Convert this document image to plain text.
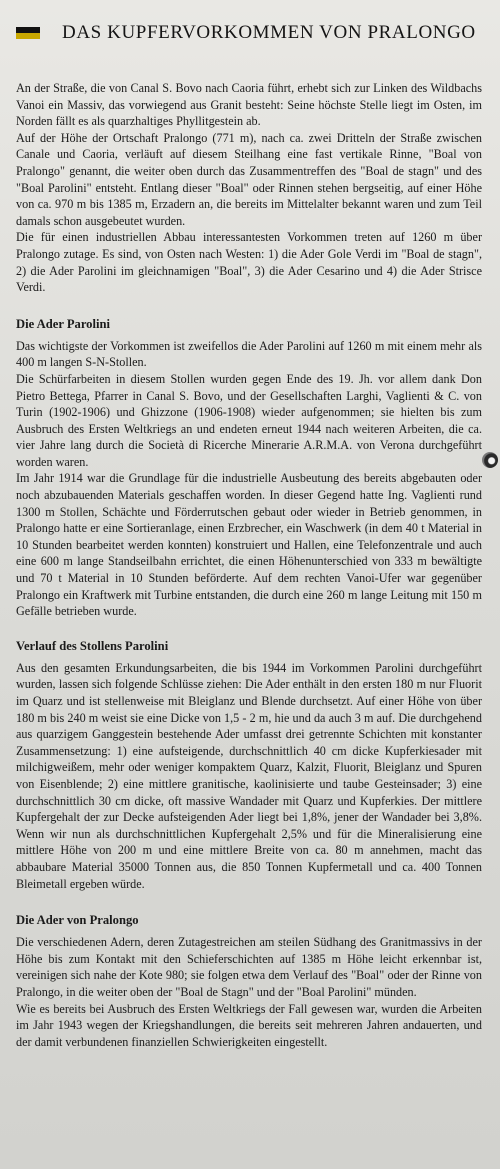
DAS KUPFERVORKOMMEN VON PRALONGO

An der Straße, die von Canal S. Bovo nach Caoria führt, erhebt sich zur Linken des Wildbachs Vanoi ein Massiv, das vorwiegend aus Granit besteht: Seine höchste Stelle liegt im Osten, im Norden fällt es als quarzhaltiges Phyllitgestein ab.

Auf der Höhe der Ortschaft Pralongo (771 m), nach ca. zwei Dritteln der Straße zwischen Canale und Caoria, verläuft auf diesem Steilhang eine fast vertikale Rinne, "Boal von Pralongo" genannt, die weiter oben durch das Zusammentreffen des "Boal de stagn" und des "Boal Parolini" entsteht. Entlang dieser "Boal" oder Rinnen stehen bergseitig, auf einer Höhe von ca. 970 m bis 1385 m, Erzadern an, die bereits im Mittelalter bekannt waren und zum Teil damals schon ausgebeutet wurden.

Die für einen industriellen Abbau interessantesten Vorkommen treten auf 1260 m über Pralongo zutage. Es sind, von Osten nach Westen: 1) die Ader Gole Verdi im "Boal de stagn", 2) die Ader Parolini im gleichnamigen "Boal", 3) die Ader Cesarino und 4) die Ader Strisce Verdi.

Die Ader Parolini

Das wichtigste der Vorkommen ist zweifellos die Ader Parolini auf 1260 m mit einem mehr als 400 m langen S-N-Stollen.

Die Schürfarbeiten in diesem Stollen wurden gegen Ende des 19. Jh. vor allem dank Don Pietro Bettega, Pfarrer in Canal S. Bovo, und der Gesellschaften Larghi, Vaglienti & C. von Turin (1902-1906) und Ghizzone (1906-1908) wieder aufgenommen; sie hielten bis zum Ausbruch des Ersten Weltkriegs an und endeten erneut 1944 nach weiteren Arbeiten, die ca. vier Jahre lang durch die Società di Ricerche Minerarie A.R.M.A. von Verona durchgeführt worden waren.

Im Jahr 1914 war die Grundlage für die industrielle Ausbeutung des bereits abgebauten oder noch abzubauenden Materials geschaffen worden. In dieser Gegend hatte Ing. Vaglienti rund 1300 m Stollen, Schächte und Förderrutschen gebaut oder wieder in Betrieb genommen, in Pralongo hatte er eine Sortieranlage, einen Erzbrecher, ein Waschwerk (in dem 40 t Material in 10 Stunden bearbeitet werden konnten) konstruiert und Hallen, eine Telefonzentrale und auch eine 600 m lange Standseilbahn errichtet, die einen Höhenunterschied von 333 m bewältigte und 70 t Material in 10 Stunden beförderte. Auf dem rechten Vanoi-Ufer war gegenüber Pralongo ein Kraftwerk mit Turbine entstanden, die durch eine 260 m lange Leitung mit 150 m Gefälle betrieben wurde.

Verlauf des Stollens Parolini

Aus den gesamten Erkundungsarbeiten, die bis 1944 im Vorkommen Parolini durchgeführt wurden, lassen sich folgende Schlüsse ziehen: Die Ader enthält in den ersten 180 m nur Fluorit im Quarz und ist stellenweise mit Bleiglanz und Blende durchsetzt. Auf einer Höhe von über 180 m bis 240 m weist sie eine Dicke von 1,5 - 2 m, hie und da auch 3 m auf. Die durchgehend aus quarzigem Ganggestein bestehende Ader umfasst drei getrennte Schichten mit konstanter Zusammensetzung: 1) eine aufsteigende, durchschnittlich 40 cm dicke Kupferkiesader mit milchigweißem, mehr oder weniger kompaktem Quarz, Kalzit, Fluorit, Bleiglanz und Spuren von Eisenblende; 2) eine mittlere granitische, kaolinisierte und taube Gesteinsader; 3) eine durchschnittlich 30 cm dicke, oft massive Wandader mit Quarz und Kupferkies. Der mittlere Kupfergehalt der zur Decke aufsteigenden Ader liegt bei 1,8%, jener der Wandader bei 3,8%. Wenn wir nun als durchschnittlichen Kupfergehalt 2,5% und für die Mineralisierung eine mittlere Höhe von 200 m und eine mittlere Breite von ca. 80 m annehmen, macht das abbaubare Material 35000 Tonnen aus, die 850 Tonnen Kupfermetall und ca. 400 Tonnen Bleimetall ergeben würde.

Die Ader von Pralongo

Die verschiedenen Adern, deren Zutagestreichen am steilen Südhang des Granitmassivs in der Höhe bis zum Kontakt mit den Schieferschichten auf 1385 m Höhe leicht erkennbar ist, vereinigen sich nahe der Kote 980; sie folgen etwa dem Verlauf des "Boal" oder der Rinne von Pralongo, in die weiter oben der "Boal de Stagn" und der "Boal Parolini" münden.

Wie es bereits bei Ausbruch des Ersten Weltkriegs der Fall gewesen war, wurden die Arbeiten im Jahr 1943 wegen der Kriegshandlungen, die bereits seit mehreren Jahren andauerten, und der damit verbundenen finanziellen Schwierigkeiten eingestellt.
